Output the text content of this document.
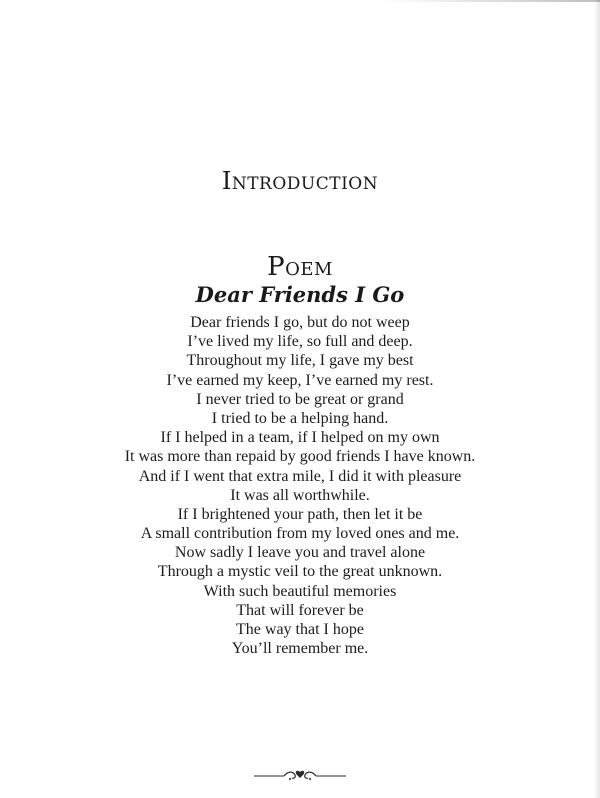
Introduction
Poem
Dear Friends I Go
Dear friends I go, but do not weep
I’ve lived my life, so full and deep.
Throughout my life, I gave my best
I’ve earned my keep, I’ve earned my rest.
I never tried to be great or grand
I tried to be a helping hand.
If I helped in a team, if I helped on my own
It was more than repaid by good friends I have known.
And if I went that extra mile, I did it with pleasure
It was all worthwhile.
If I brightened your path, then let it be
A small contribution from my loved ones and me.
Now sadly I leave you and travel alone
Through a mystic veil to the great unknown.
With such beautiful memories
That will forever be
The way that I hope
You’ll remember me.
